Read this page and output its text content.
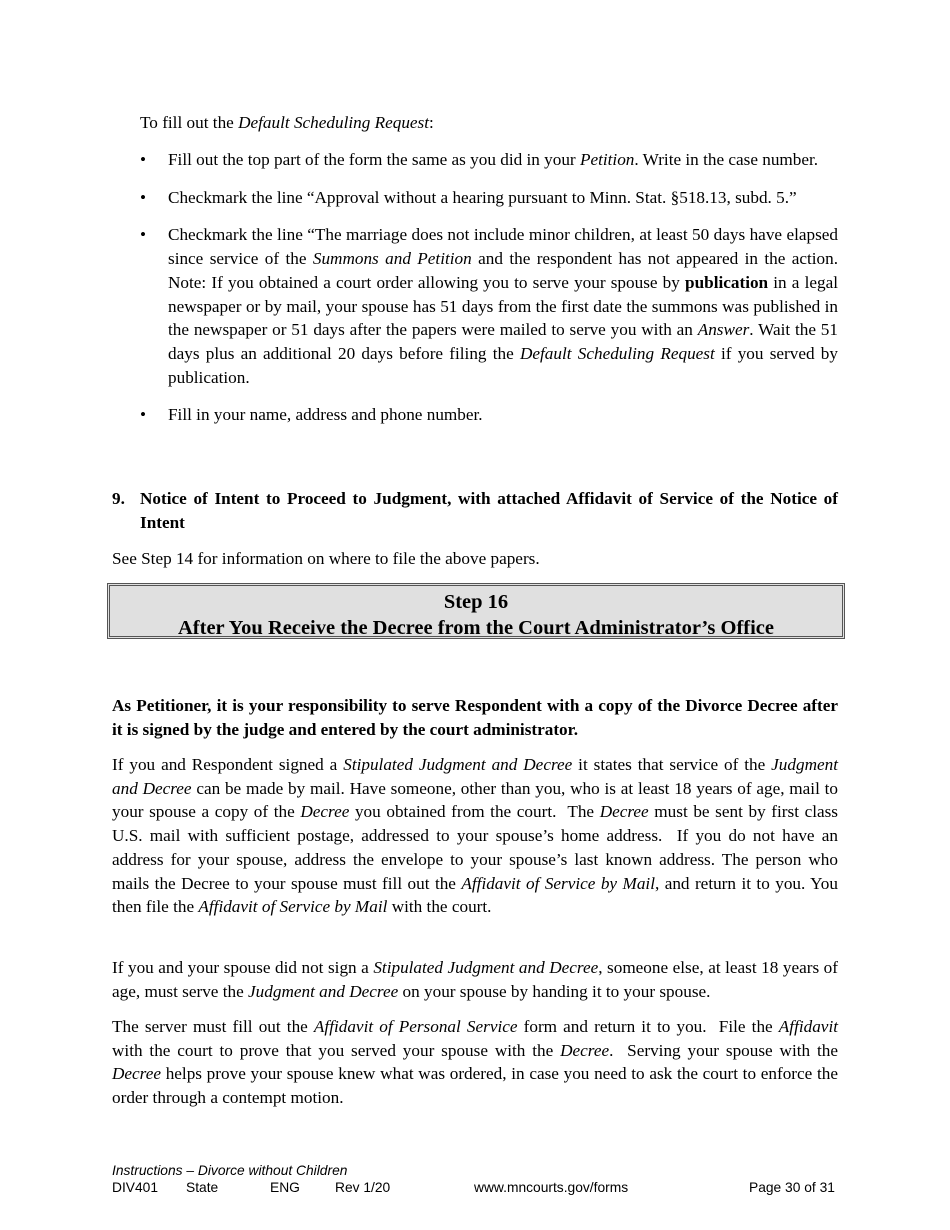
To fill out the Default Scheduling Request:

• Fill out the top part of the form the same as you did in your Petition. Write in the case number.
• Checkmark the line “Approval without a hearing pursuant to Minn. Stat. §518.13, subd. 5.”
• Checkmark the line “The marriage does not include minor children, at least 50 days have elapsed since service of the Summons and Petition and the respondent has not appeared in the action. Note: If you obtained a court order allowing you to serve your spouse by publication in a legal newspaper or by mail, your spouse has 51 days from the first date the summons was published in the newspaper or 51 days after the papers were mailed to serve you with an Answer. Wait the 51 days plus an additional 20 days before filing the Default Scheduling Request if you served by publication.
• Fill in your name, address and phone number.
9. Notice of Intent to Proceed to Judgment, with attached Affidavit of Service of the Notice of Intent

See Step 14 for information on where to file the above papers.

Step 16
After You Receive the Decree from the Court Administrator’s Office

As Petitioner, it is your responsibility to serve Respondent with a copy of the Divorce Decree after it is signed by the judge and entered by the court administrator.

If you and Respondent signed a Stipulated Judgment and Decree it states that service of the Judgment and Decree can be made by mail. Have someone, other than you, who is at least 18 years of age, mail to your spouse a copy of the Decree you obtained from the court.  The Decree must be sent by first class U.S. mail with sufficient postage, addressed to your spouse’s home address.  If you do not have an address for your spouse, address the envelope to your spouse’s last known address. The person who mails the Decree to your spouse must fill out the Affidavit of Service by Mail, and return it to you. You then file the Affidavit of Service by Mail with the court.

If you and your spouse did not sign a Stipulated Judgment and Decree, someone else, at least 18 years of age, must serve the Judgment and Decree on your spouse by handing it to your spouse.

The server must fill out the Affidavit of Personal Service form and return it to you.  File the Affidavit with the court to prove that you served your spouse with the Decree.  Serving your spouse with the Decree helps prove your spouse knew what was ordered, in case you need to ask the court to enforce the order through a contempt motion.

Instructions – Divorce without Children
DIV401 State	ENG	Rev 1/20	www.mncourts.gov/forms	Page 30 of 31
